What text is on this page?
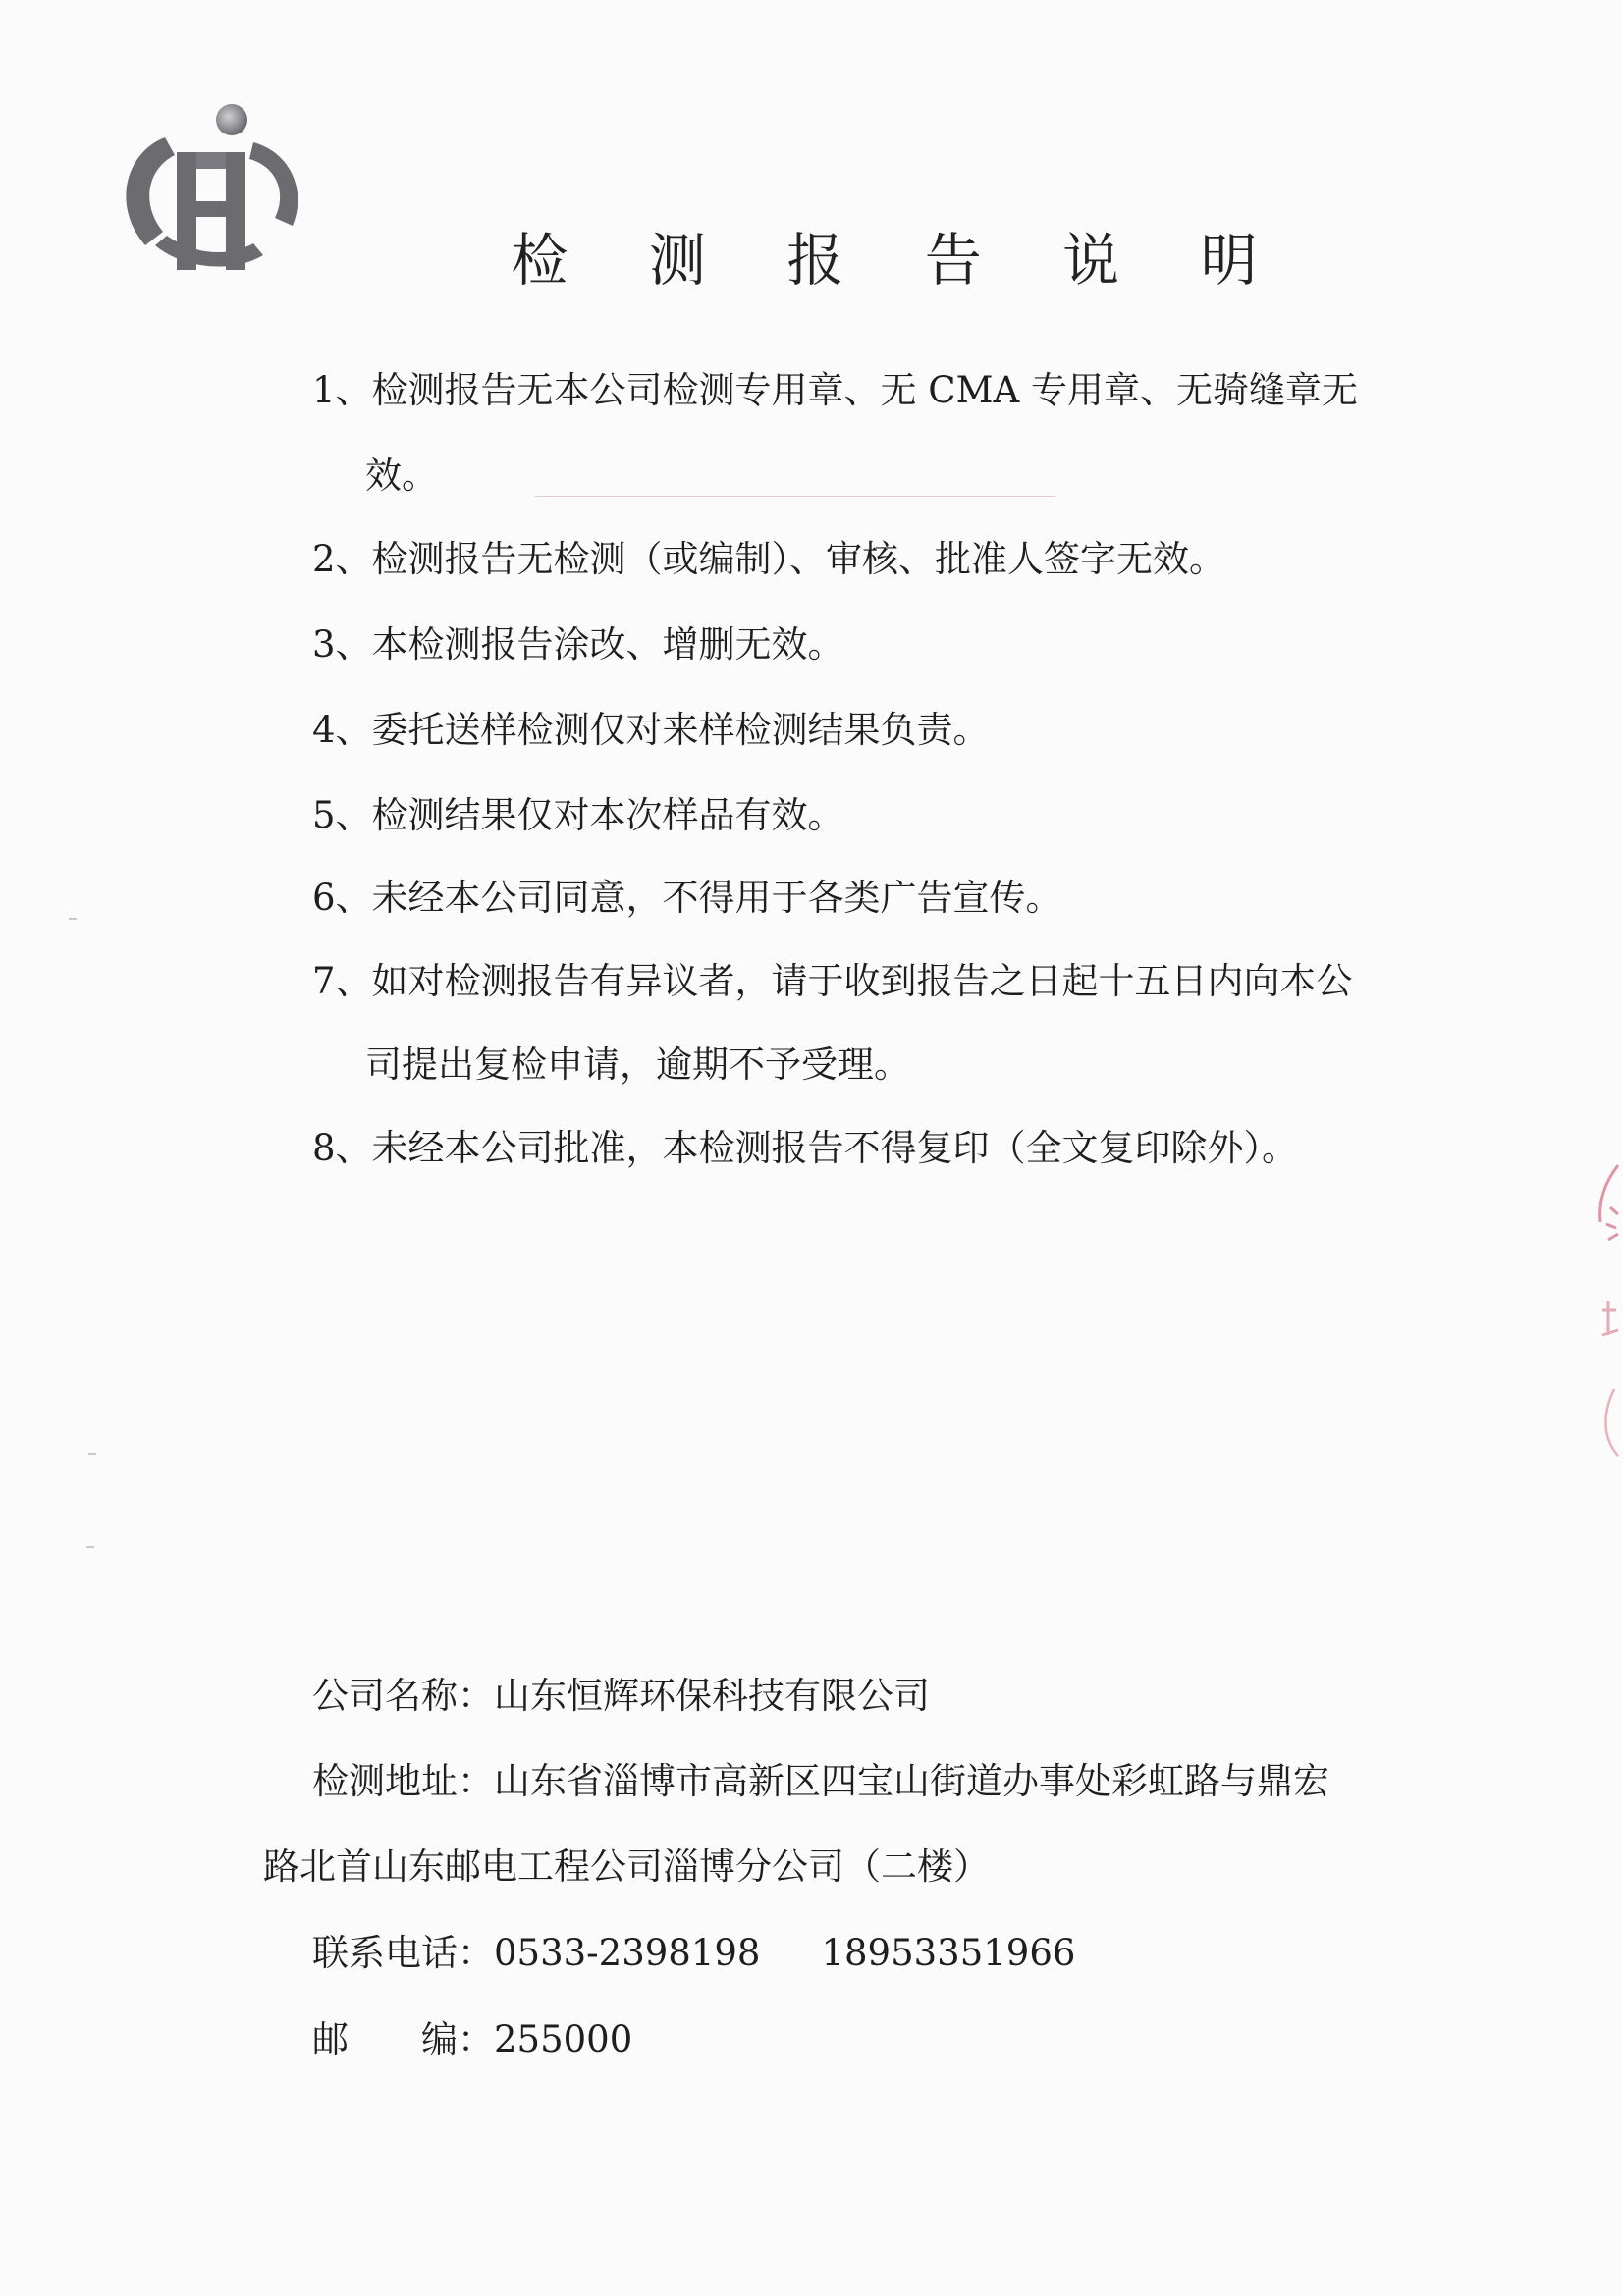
检 测 报 告 说 明
1、检测报告无本公司检测专用章、无 CMA 专用章、无骑缝章无
效。
2、检测报告无检测（或编制）、审核、批准人签字无效。
3、本检测报告涂改、增删无效。
4、委托送样检测仅对来样检测结果负责。
5、检测结果仅对本次样品有效。
6、未经本公司同意，不得用于各类广告宣传。
7、如对检测报告有异议者，请于收到报告之日起十五日内向本公
司提出复检申请，逾期不予受理。
8、未经本公司批准，本检测报告不得复印（全文复印除外）。
公司名称：山东恒辉环保科技有限公司
检测地址：山东省淄博市高新区四宝山街道办事处彩虹路与鼎宏
路北首山东邮电工程公司淄博分公司（二楼）
联系电话：0533-2398198 18953351966
邮　　编：255000
